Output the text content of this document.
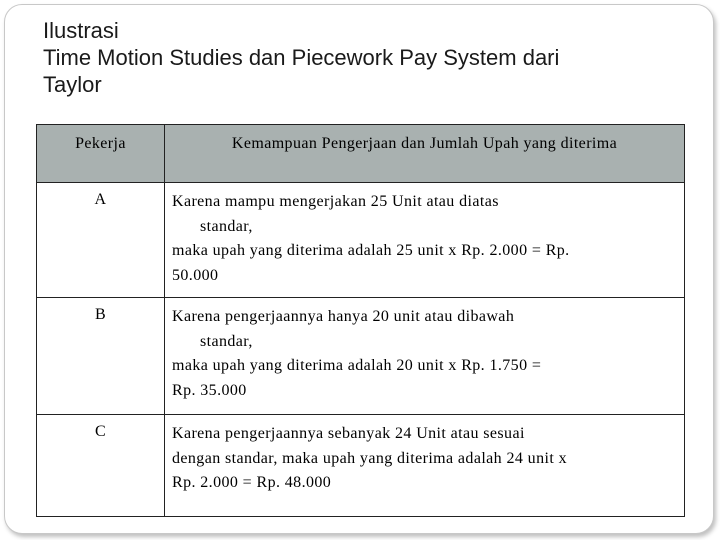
Ilustrasi
Time Motion Studies dan Piecework Pay System dari
Taylor
Pekerja	Kemampuan Pengerjaan dan Jumlah Upah yang diterima
A	Karena mampu mengerjakan 25 Unit atau diatas
standar,
maka upah yang diterima adalah 25 unit x Rp. 2.000 = Rp.
50.000

B	Karena pengerjaannya hanya 20 unit atau dibawah
standar,
maka upah yang diterima adalah 20 unit x Rp. 1.750 =
Rp. 35.000

C	Karena pengerjaannya sebanyak 24 Unit atau sesuai
dengan standar, maka upah yang diterima adalah 24 unit x
Rp. 2.000 = Rp. 48.000
